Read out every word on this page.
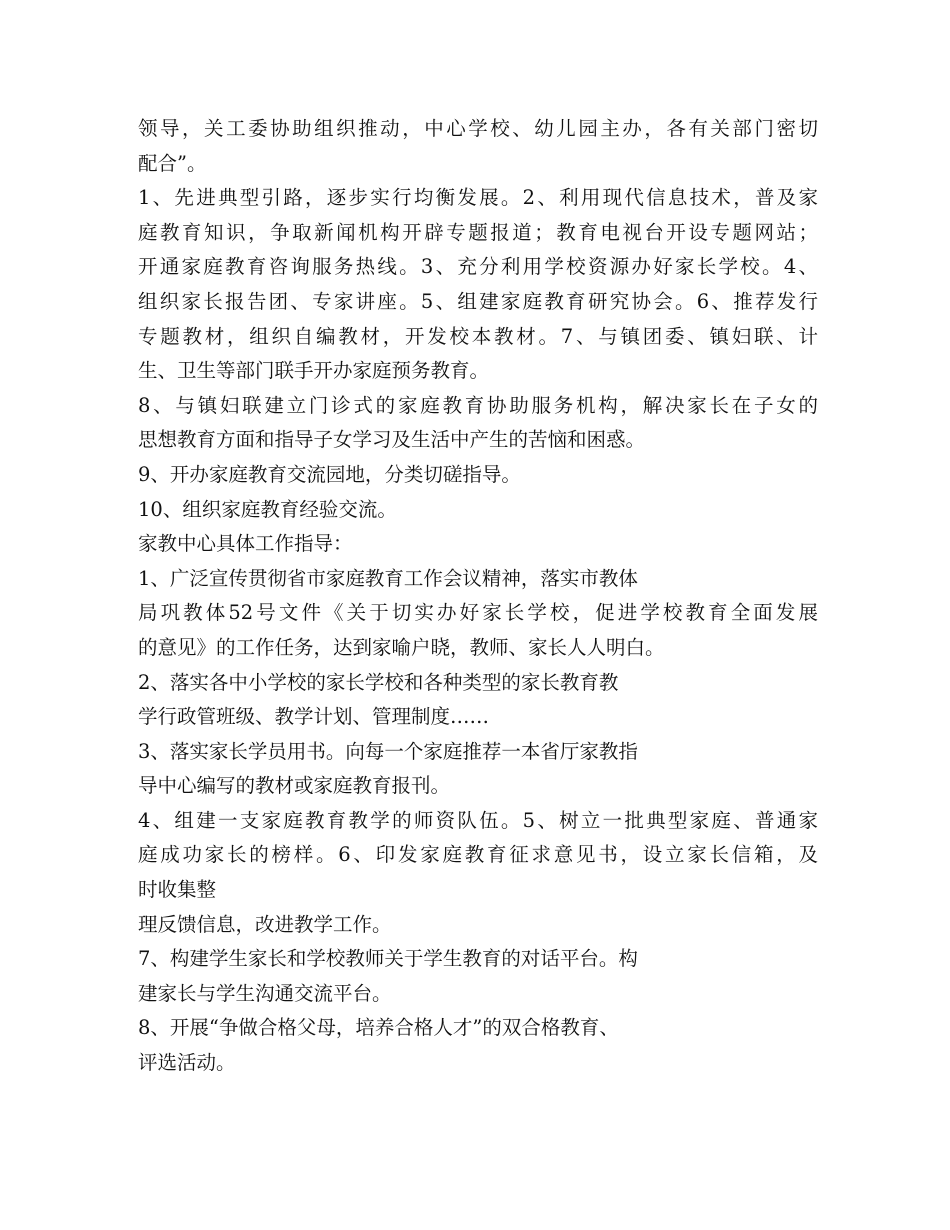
领导，关工委协助组织推动，中心学校、幼儿园主办，各有关部门密切
配合”。
1、先进典型引路，逐步实行均衡发展。2、利用现代信息技术，普及家
庭教育知识，争取新闻机构开辟专题报道；教育电视台开设专题网站；
开通家庭教育咨询服务热线。3、充分利用学校资源办好家长学校。4、
组织家长报告团、专家讲座。5、组建家庭教育研究协会。6、推荐发行
专题教材，组织自编教材，开发校本教材。7、与镇团委、镇妇联、计
生、卫生等部门联手开办家庭预务教育。
8、与镇妇联建立门诊式的家庭教育协助服务机构，解决家长在子女的
思想教育方面和指导子女学习及生活中产生的苦恼和困惑。
9、开办家庭教育交流园地，分类切磋指导。
10、组织家庭教育经验交流。
家教中心具体工作指导：
1、广泛宣传贯彻省市家庭教育工作会议精神，落实市教体
局巩教体52号文件《关于切实办好家长学校，促进学校教育全面发展
的意见》的工作任务，达到家喻户晓，教师、家长人人明白。
2、落实各中小学校的家长学校和各种类型的家长教育教
学行政管班级、教学计划、管理制度……
3、落实家长学员用书。向每一个家庭推荐一本省厅家教指
导中心编写的教材或家庭教育报刊。
4、组建一支家庭教育教学的师资队伍。5、树立一批典型家庭、普通家
庭成功家长的榜样。6、印发家庭教育征求意见书，设立家长信箱，及
时收集整
理反馈信息，改进教学工作。
7、构建学生家长和学校教师关于学生教育的对话平台。构
建家长与学生沟通交流平台。
8、开展“争做合格父母，培养合格人才”的双合格教育、
评选活动。
